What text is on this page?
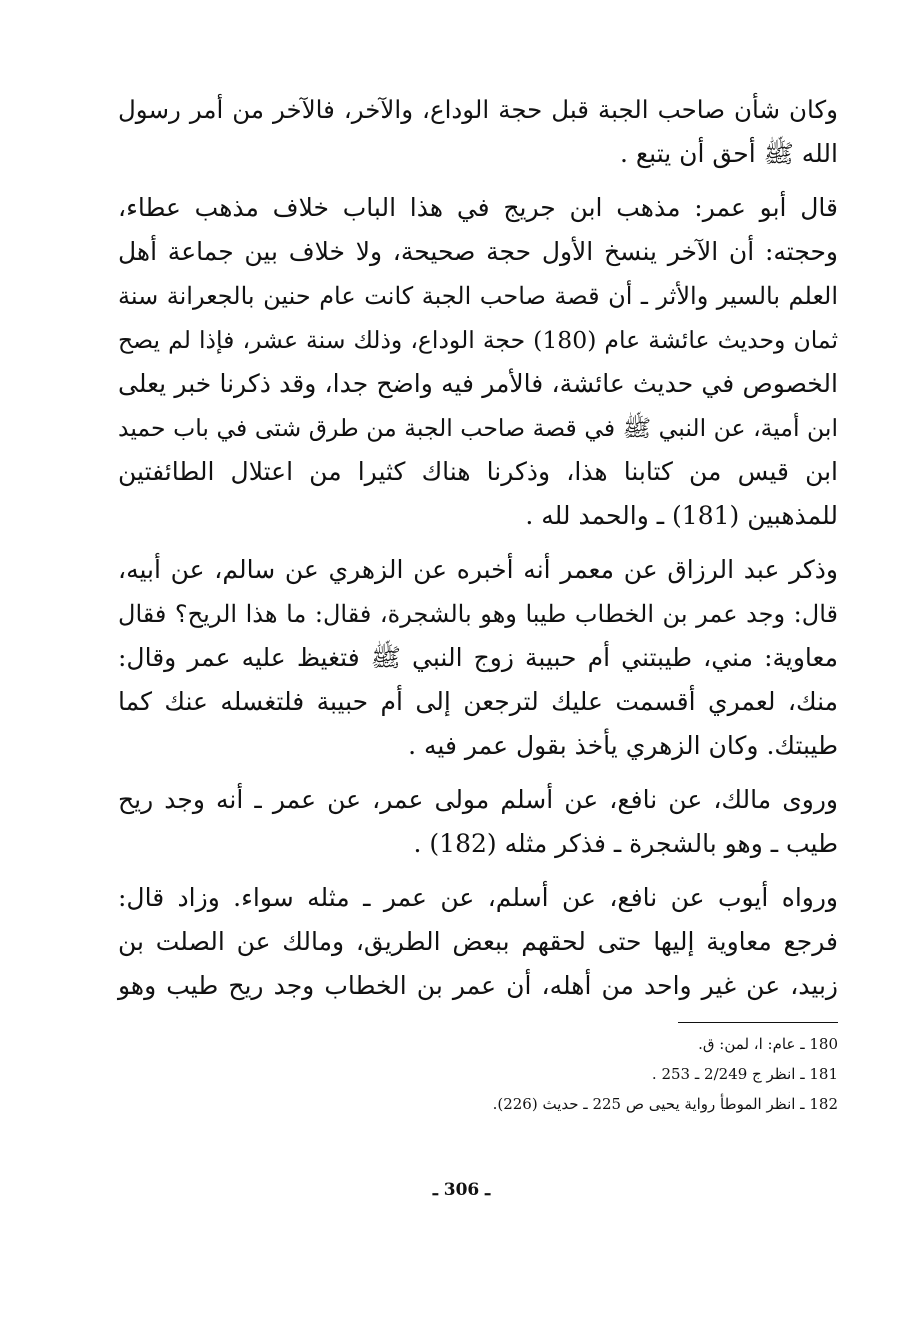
وكان شأن صاحب الجبة قبل حجة الوداع، والآخر، فالآخر من أمر رسول
الله ﷺ أحق أن يتبع .

قال أبو عمر: مذهب ابن جريج في هذا الباب خلاف مذهب عطاء،
وحجته: أن الآخر ينسخ الأول حجة صحيحة، ولا خلاف بين جماعة أهل
العلم بالسير والأثر ـ أن قصة صاحب الجبة كانت عام حنين بالجعرانة سنة
ثمان وحديث عائشة عام (180) حجة الوداع، وذلك سنة عشر، فإذا لم يصح
الخصوص في حديث عائشة، فالأمر فيه واضح جدا، وقد ذكرنا خبر يعلى
ابن أمية، عن النبي ﷺ في قصة صاحب الجبة من طرق شتى في باب حميد
ابن قيس من كتابنا هذا، وذكرنا هناك كثيرا من اعتلال الطائفتين
للمذهبين (181) ـ والحمد لله .

وذكر عبد الرزاق عن معمر أنه أخبره عن الزهري عن سالم، عن أبيه،
قال: وجد عمر بن الخطاب طيبا وهو بالشجرة، فقال: ما هذا الريح؟ فقال
معاوية: مني، طيبتني أم حبيبة زوج النبي ﷺ فتغيظ عليه عمر وقال:
منك، لعمري أقسمت عليك لترجعن إلى أم حبيبة فلتغسله عنك كما
طيبتك. وكان الزهري يأخذ بقول عمر فيه .

وروى مالك، عن نافع، عن أسلم مولى عمر، عن عمر ـ أنه وجد ريح
طيب ـ وهو بالشجرة ـ فذكر مثله (182) .

ورواه أيوب عن نافع، عن أسلم، عن عمر ـ مثله سواء. وزاد قال:
فرجع معاوية إليها حتى لحقهم ببعض الطريق، ومالك عن الصلت بن
زبيد، عن غير واحد من أهله، أن عمر بن الخطاب وجد ريح طيب وهو

180 ـ عام: ا، لمن: ق.
181 ـ انظر ج 2/249 ـ 253 .
182 ـ انظر الموطأ رواية يحيى ص 225 ـ حديث (226).
ـ 306 ـ
